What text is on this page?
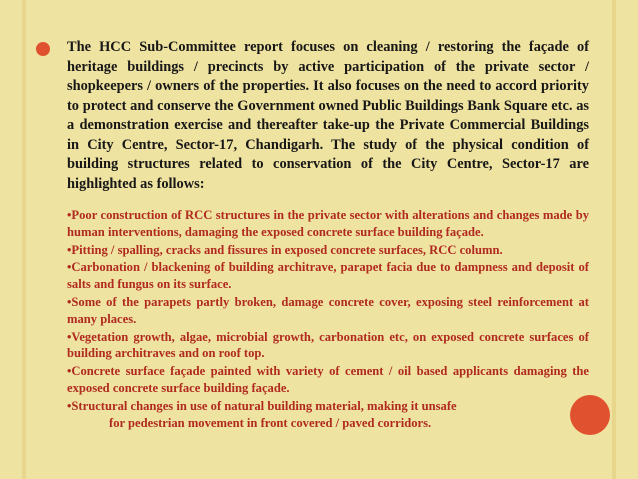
The HCC Sub-Committee report focuses on cleaning / restoring the façade of heritage buildings / precincts by active participation of the private sector / shopkeepers / owners of the properties. It also focuses on the need to accord priority to protect and conserve the Government owned Public Buildings Bank Square etc. as a demonstration exercise and thereafter take-up the Private Commercial Buildings in City Centre, Sector-17, Chandigarh. The study of the physical condition of building structures related to conservation of the City Centre, Sector-17 are highlighted as follows:

•Poor construction of RCC structures in the private sector with alterations and changes made by human interventions, damaging the exposed concrete surface building façade.
•Pitting / spalling, cracks and fissures in exposed concrete surfaces, RCC column.
•Carbonation / blackening of building architrave, parapet facia due to dampness and deposit of salts and fungus on its surface.
•Some of the parapets partly broken, damage concrete cover, exposing steel reinforcement at many places.
•Vegetation growth, algae, microbial growth, carbonation etc, on exposed concrete surfaces of building architraves and on roof top.
•Concrete surface façade painted with variety of cement / oil based applicants damaging the exposed concrete surface building façade.
•Structural changes in use of natural building material, making it unsafe
for pedestrian movement in front covered / paved corridors.
